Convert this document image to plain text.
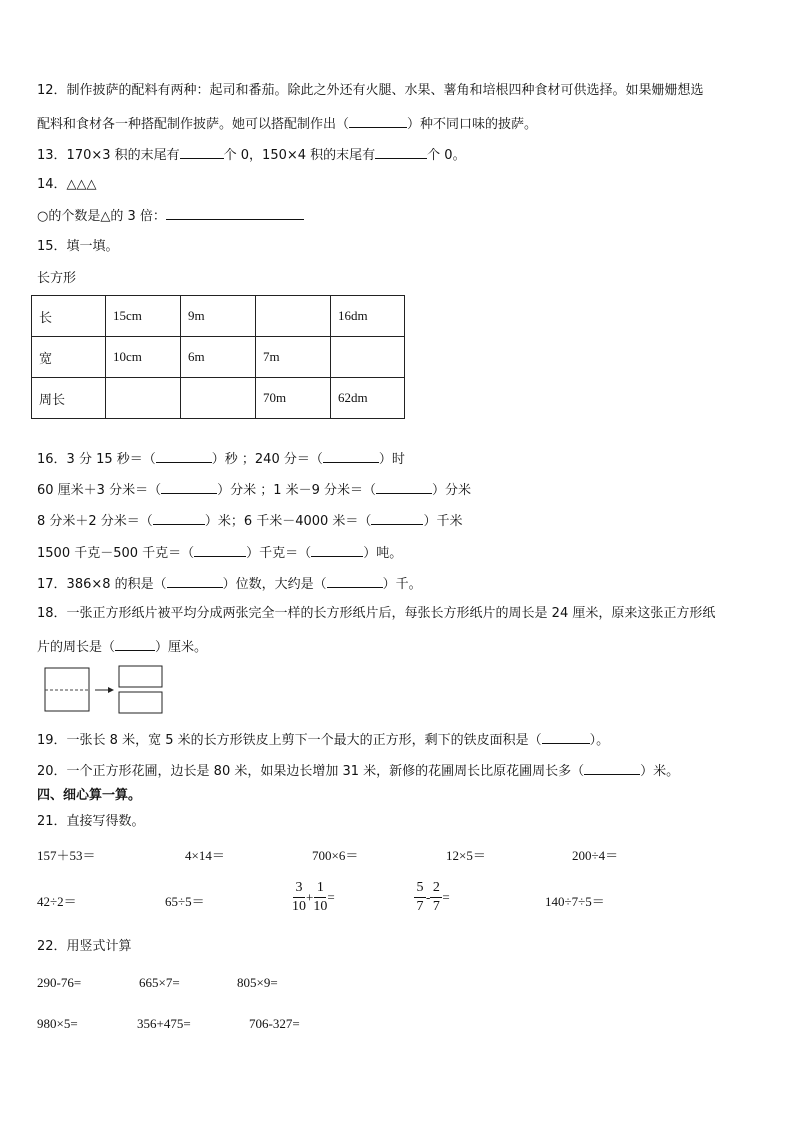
12．制作披萨的配料有两种：起司和番茄。除此之外还有火腿、水果、薯角和培根四种食材可供选择。如果姗姗想选
配料和食材各一种搭配制作披萨。她可以搭配制作出（	）种不同口味的披萨。
13．170×3 积的末尾有	个 0，150×4 积的末尾有	个 0。
14．△△△
○的个数是△的 3 倍：
15．填一填。
长方形
长	15cm	9m		16dm
宽	10cm	6m	7m	
周长			70m	62dm
16．3 分 15 秒＝（	）秒 ；240 分＝（	）时
60 厘米＋3 分米＝（	）分米 ；1 米－9 分米＝（	）分米
8 分米＋2 分米＝（	）米；6 千米－4000 米＝（	）千米
1500 千克－500 千克＝（	）千克＝（	）吨。
17．386×8 的积是（	）位数，大约是（	）千。
18．一张正方形纸片被平均分成两张完全一样的长方形纸片后，每张长方形纸片的周长是 24 厘米，原来这张正方形纸
片的周长是（	）厘米。
19．一张长 8 米，宽 5 米的长方形铁皮上剪下一个最大的正方形，剩下的铁皮面积是（	）。
20．一个正方形花圃，边长是 80 米，如果边长增加 31 米，新修的花圃周长比原花圃周长多（	）米。
四、细心算一算。
21．直接写得数。
157＋53＝	4×14＝	700×6＝	12×5＝	200÷4＝
42÷2＝	65÷5＝	$\frac{3}{10} + \frac{1}{10}$ =	$\frac{5}{7} - \frac{2}{7}$ =	140÷7÷5＝
22．用竖式计算
290-76=	665×7=	805×9=
980×5=	356+475=	706-327=
